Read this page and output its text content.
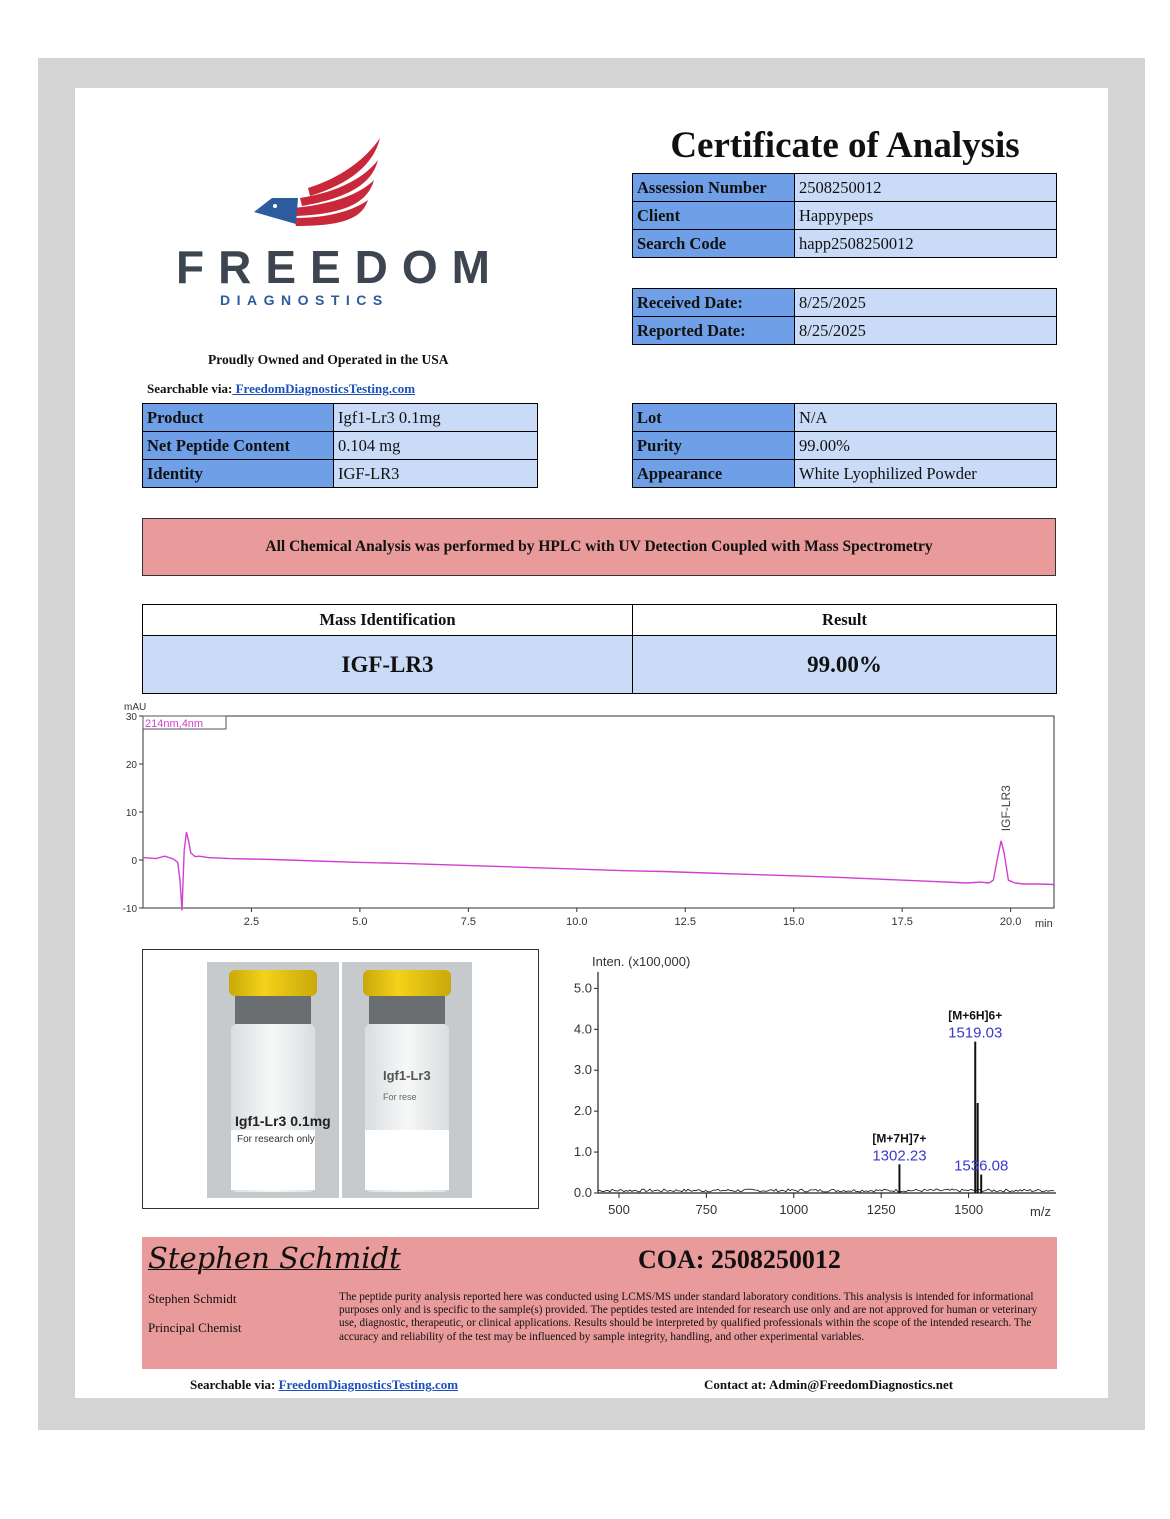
FREEDOM
DIAGNOSTICS
Proudly Owned and Operated in the USA
Searchable via: FreedomDiagnosticsTesting.com
Certificate of Analysis
Assession Number	2508250012
Client	Happypeps
Search Code	happ2508250012
Received Date:	8/25/2025
Reported Date:	8/25/2025
Product	Igf1-Lr3 0.1mg
Net Peptide Content	0.104 mg
Identity	IGF-LR3
Lot	N/A
Purity	99.00%
Appearance	White Lyophilized Powder
All Chemical Analysis was performed by HPLC with UV Detection Coupled with Mass Spectrometry
Mass Identification	Result
IGF-LR3	99.00%
2.5	5.0	7.5	10.0	12.5	15.0	17.5	20.0
30
20
10
0
-10
214nm,4nm
mAU
min
IGF-LR3
Igf1-Lr3 0.1mg
For research only
Igf1-Lr3
For rese
500	750	1000	1250	1500
0.0
1.0
2.0
3.0
4.0
5.0
1302.23
[M+7H]7+
1519.03
[M+6H]6+
1536.08
Inten. (x100,000)
m/z
Stephen Schmidt	COA: 2508250012
Stephen Schmidt
Principal Chemist
The peptide purity analysis reported here was conducted using LCMS/MS under standard laboratory conditions. This analysis is intended for informational purposes only and is specific to the sample(s) provided. The peptides tested are intended for research use only and are not approved for human or veterinary use, diagnostic, therapeutic, or clinical applications. Results should be interpreted by qualified professionals within the scope of the intended research. The accuracy and reliability of the test may be influenced by sample integrity, handling, and other experimental variables.
Searchable via: FreedomDiagnosticsTesting.com	Contact at: Admin@FreedomDiagnostics.net
